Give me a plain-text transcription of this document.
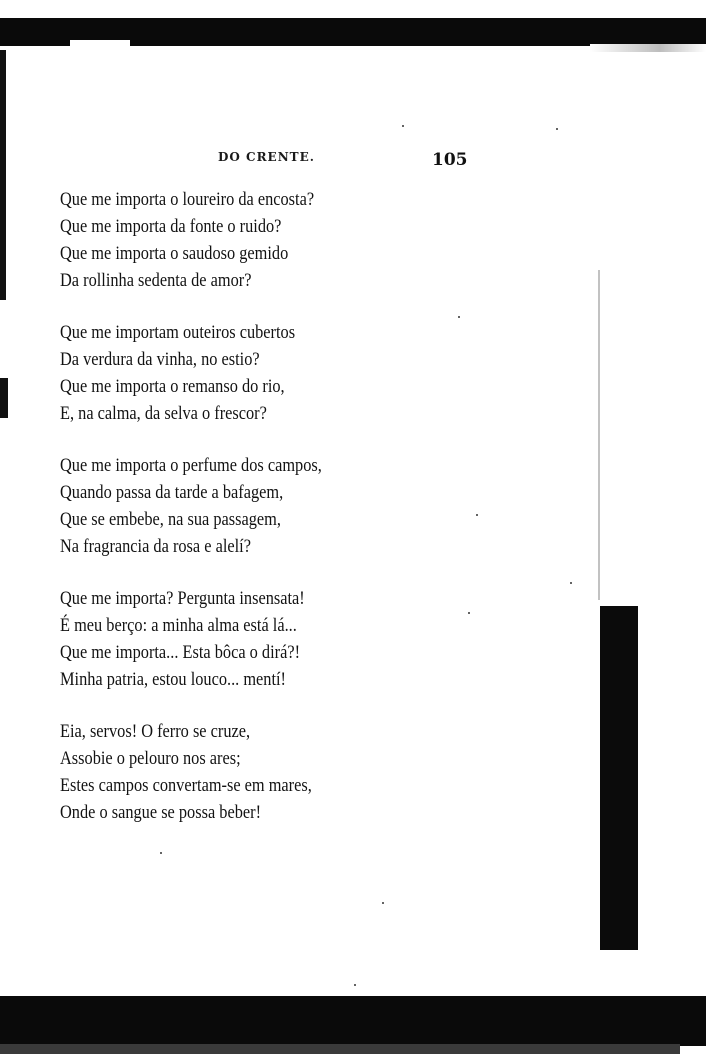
DO CRENTE.	105
Que me importa o loureiro da encosta?
Que me importa da fonte o ruido?
Que me importa o saudoso gemido
Da rollinha sedenta de amor?
Que me importam outeiros cubertos
Da verdura da vinha, no estio?
Que me importa o remanso do rio,
E, na calma, da selva o frescor?
Que me importa o perfume dos campos,
Quando passa da tarde a bafagem,
Que se embebe, na sua passagem,
Na fragrancia da rosa e alelí?
Que me importa? Pergunta insensata!
É meu berço: a minha alma está lá...
Que me importa... Esta bôca o dirá?!
Minha patria, estou louco... mentí!
Eia, servos! O ferro se cruze,
Assobie o pelouro nos ares;
Estes campos convertam-se em mares,
Onde o sangue se possa beber!
